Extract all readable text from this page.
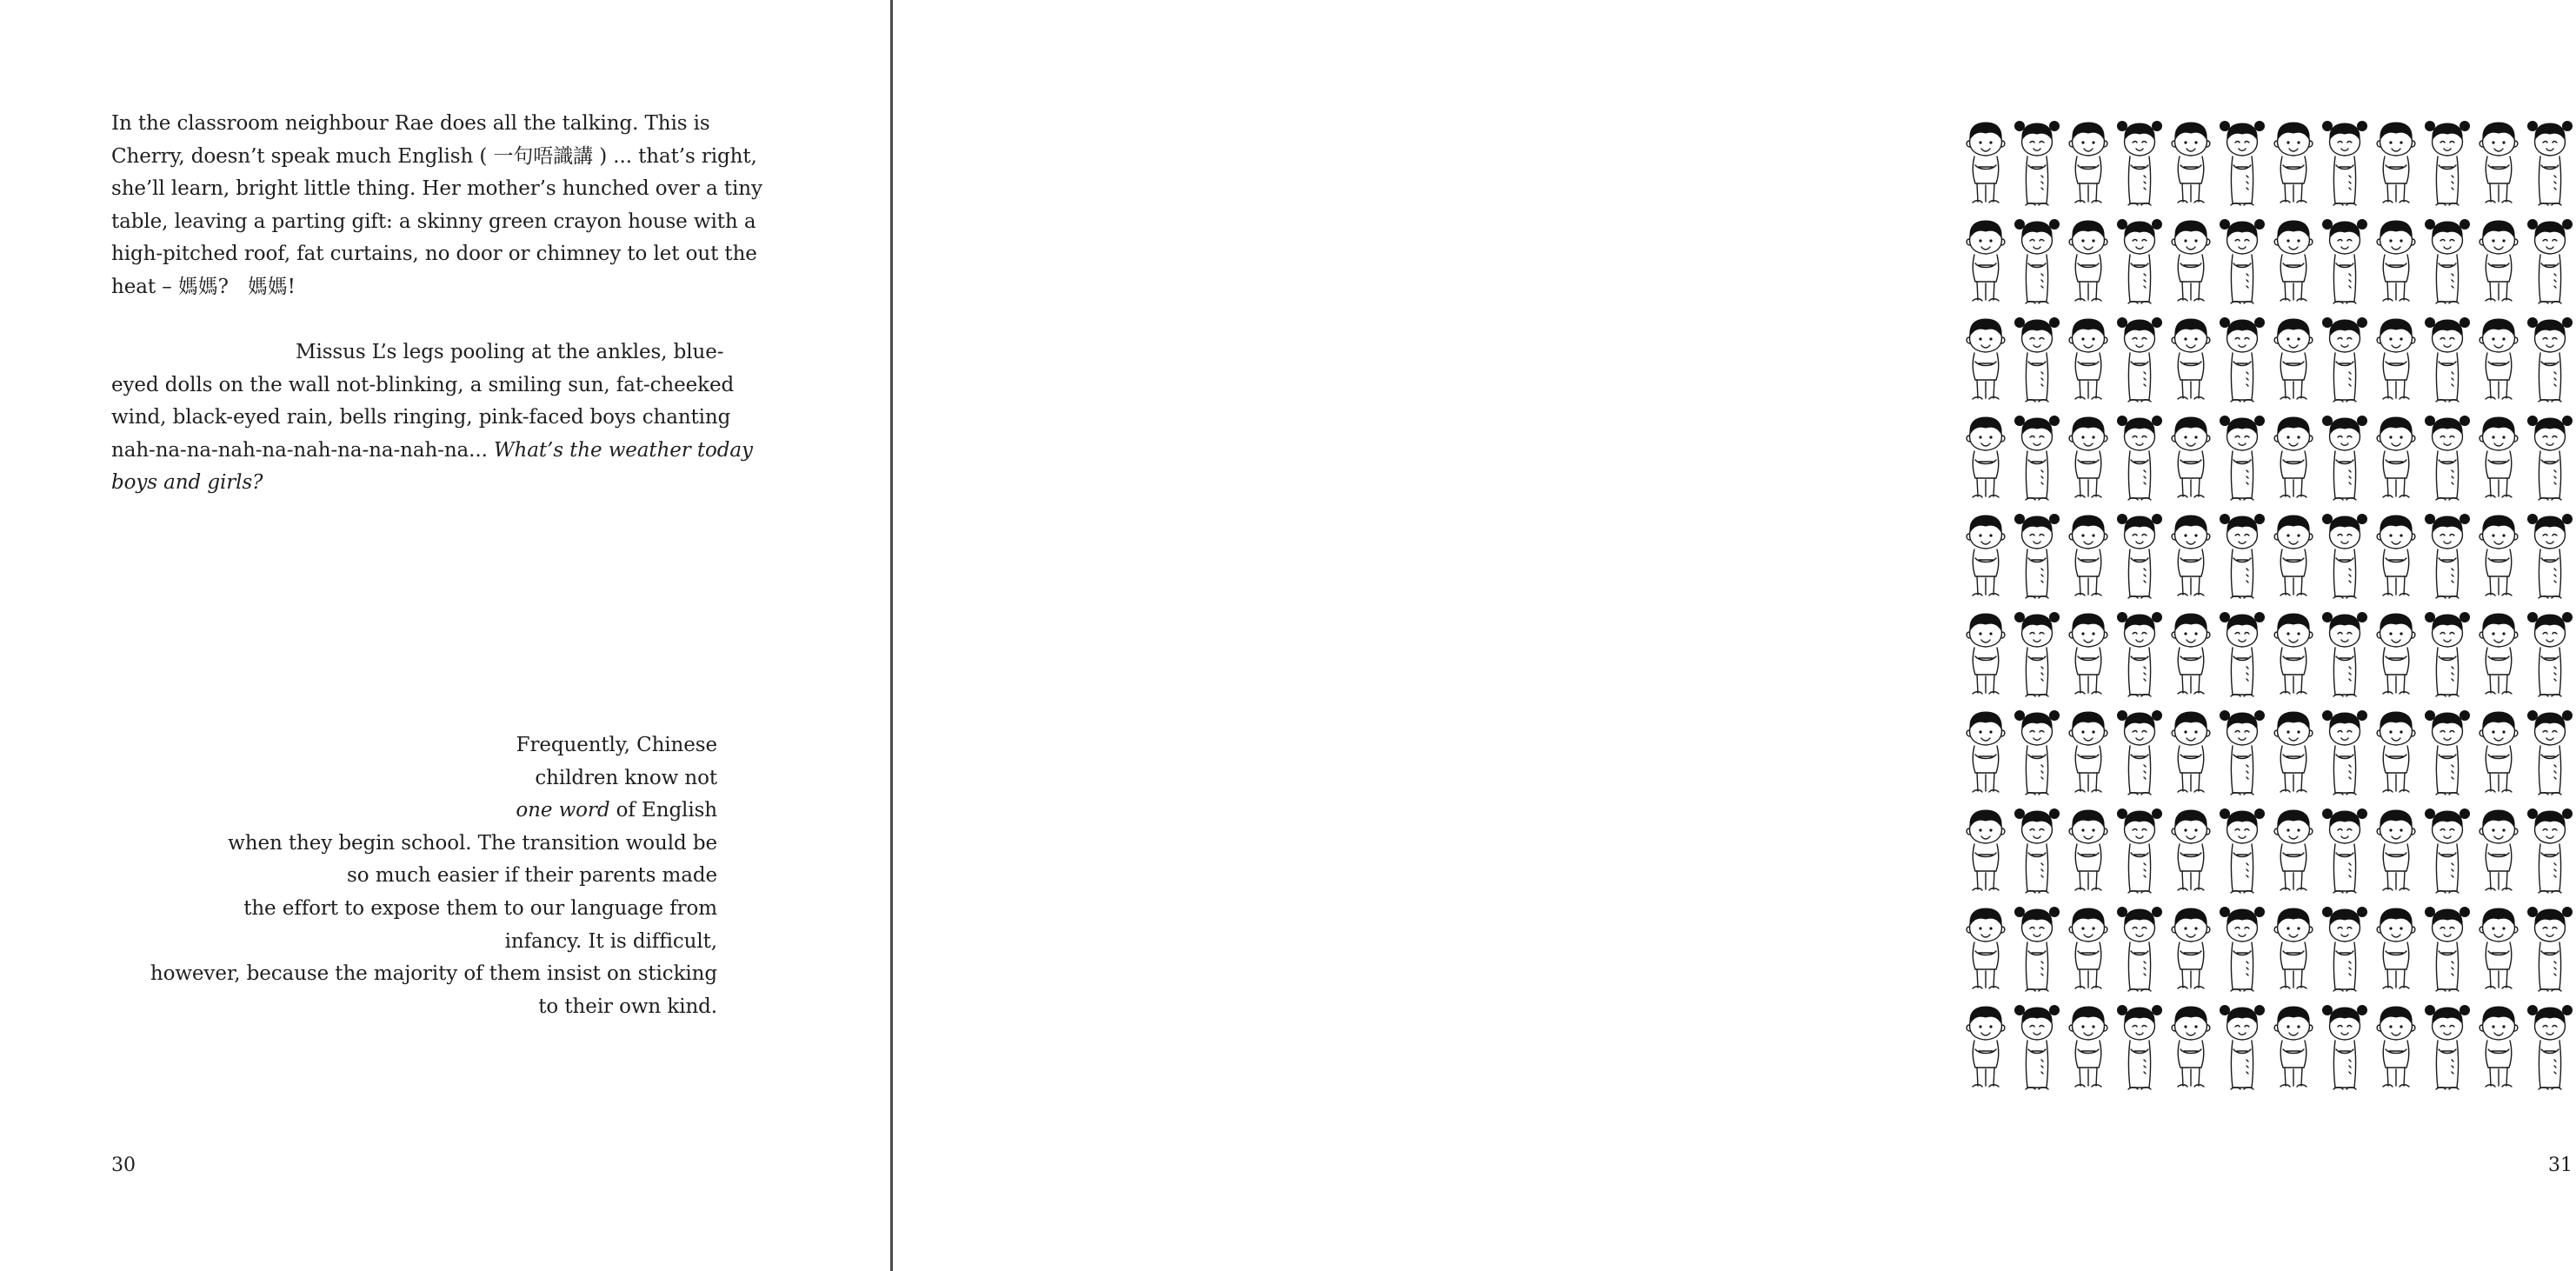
In the classroom neighbour Rae does all the talking. This is
Cherry, doesn’t speak much English ( 一句唔識講 ) ... that’s right,
she’ll learn, bright little thing. Her mother’s hunched over a tiny
table, leaving a parting gift: a skinny green crayon house with a
high-pitched roof, fat curtains, no door or chimney to let out the
heat – 媽媽? 媽媽!

Missus L’s legs pooling at the ankles, blue-
eyed dolls on the wall not-blinking, a smiling sun, fat-cheeked
wind, black-eyed rain, bells ringing, pink-faced boys chanting
nah-na-na-nah-na-nah-na-na-nah-na... What’s the weather today
boys and girls?

Frequently, Chinese
children know not
one word of English
when they begin school. The transition would be
so much easier if their parents made
the effort to expose them to our language from
infancy. It is difficult,
however, because the majority of them insist on sticking
to their own kind.

30	31
